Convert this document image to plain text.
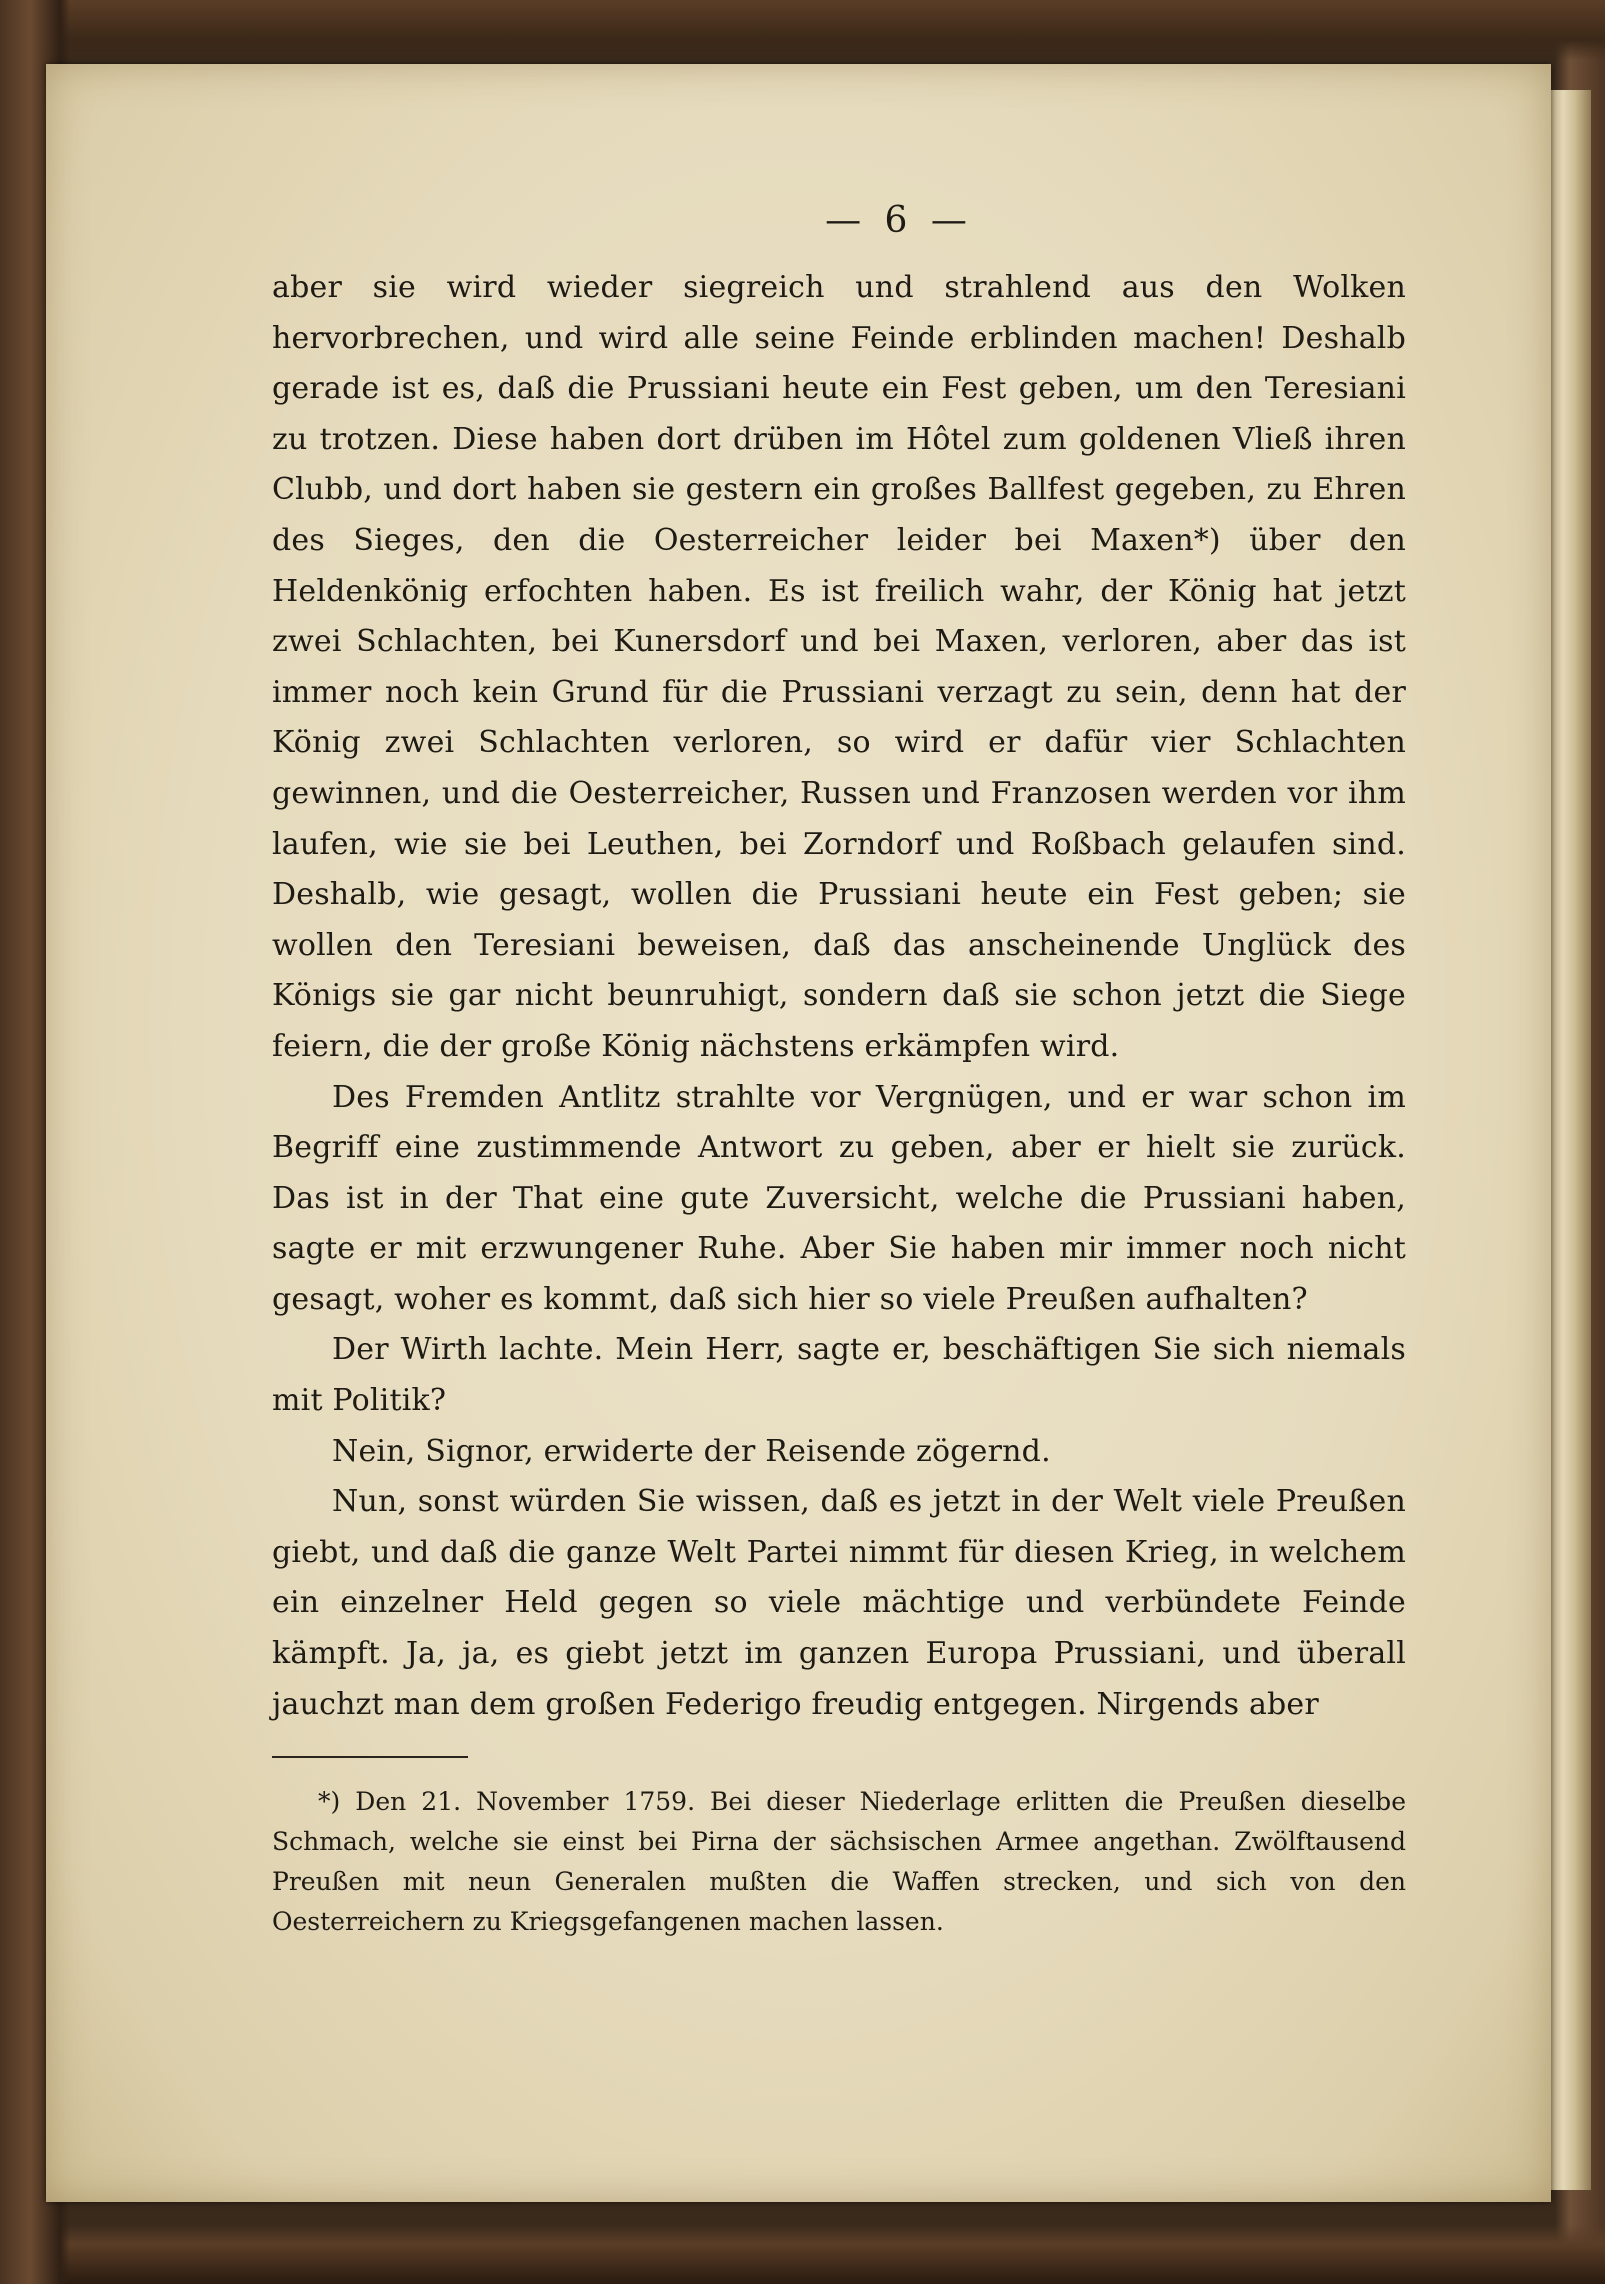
— 6 —

aber sie wird wieder siegreich und strahlend aus den Wolken hervorbrechen, und wird alle seine Feinde erblinden machen! Deshalb gerade ist es, daß die Prussiani heute ein Fest geben, um den Teresiani zu trotzen. Diese haben dort drüben im Hôtel zum goldenen Vließ ihren Clubb, und dort haben sie gestern ein großes Ballfest gegeben, zu Ehren des Sieges, den die Oesterreicher leider bei Maxen*) über den Heldenkönig erfochten haben. Es ist freilich wahr, der König hat jetzt zwei Schlachten, bei Kunersdorf und bei Maxen, verloren, aber das ist immer noch kein Grund für die Prussiani verzagt zu sein, denn hat der König zwei Schlachten verloren, so wird er dafür vier Schlachten gewinnen, und die Oesterreicher, Russen und Franzosen werden vor ihm laufen, wie sie bei Leuthen, bei Zorndorf und Roßbach gelaufen sind. Deshalb, wie gesagt, wollen die Prussiani heute ein Fest geben; sie wollen den Teresiani beweisen, daß das anscheinende Unglück des Königs sie gar nicht beunruhigt, sondern daß sie schon jetzt die Siege feiern, die der große König nächstens erkämpfen wird.

Des Fremden Antlitz strahlte vor Vergnügen, und er war schon im Begriff eine zustimmende Antwort zu geben, aber er hielt sie zurück. Das ist in der That eine gute Zuversicht, welche die Prussiani haben, sagte er mit erzwungener Ruhe. Aber Sie haben mir immer noch nicht gesagt, woher es kommt, daß sich hier so viele Preußen aufhalten?

Der Wirth lachte. Mein Herr, sagte er, beschäftigen Sie sich niemals mit Politik?

Nein, Signor, erwiderte der Reisende zögernd.

Nun, sonst würden Sie wissen, daß es jetzt in der Welt viele Preußen giebt, und daß die ganze Welt Partei nimmt für diesen Krieg, in welchem ein einzelner Held gegen so viele mächtige und verbündete Feinde kämpft. Ja, ja, es giebt jetzt im ganzen Europa Prussiani, und überall jauchzt man dem großen Federigo freudig entgegen. Nirgends aber

*) Den 21. November 1759. Bei dieser Niederlage erlitten die Preußen dieselbe Schmach, welche sie einst bei Pirna der sächsischen Armee angethan. Zwölftausend Preußen mit neun Generalen mußten die Waffen strecken, und sich von den Oesterreichern zu Kriegsgefangenen machen lassen.
